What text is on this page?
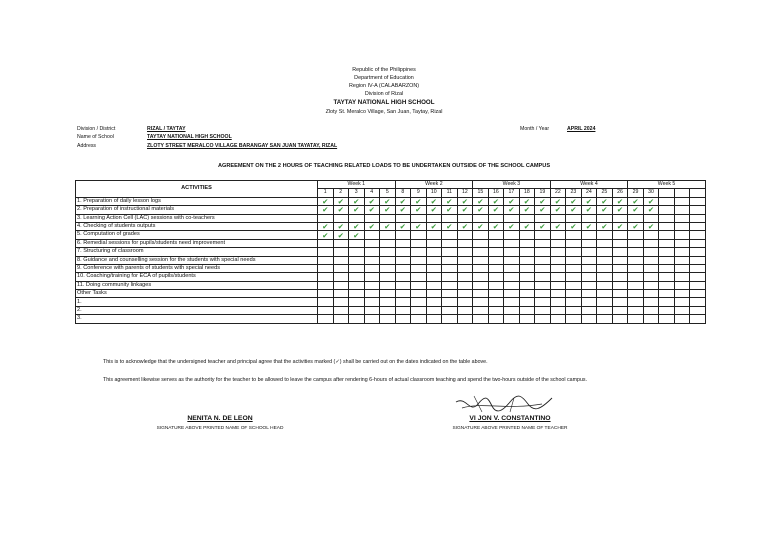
Republic of the Philippines
Department of Education
Region IV-A (CALABARZON)
Division of Rizal
TAYTAY NATIONAL HIGH SCHOOL
Zloty St. Meralco Village, San Juan, Taytay, Rizal
Division / District	RIZAL / TAYTAY
Name of School	TAYTAY NATIONAL HIGH SCHOOL
Address	ZLOTY STREET MERALCO VILLAGE BARANGAY SAN JUAN TAYATAY, RIZAL
Month / Year	APRIL 2024
AGREEMENT ON THE 2 HOURS OF TEACHING RELATED LOADS TO BE UNDERTAKEN OUTSIDE OF THE SCHOOL CAMPUS
ACTIVITIES	Week 1					Week 2					Week 3					Week 4					Week 5				
	1	2	3	4	5	8	9	10	11	12	15	16	17	18	19	22	23	24	25	26	29	30			
1. Preparation of daily lesson logs	✔	✔	✔	✔	✔	✔	✔	✔	✔	✔	✔	✔	✔	✔	✔	✔	✔	✔	✔	✔	✔	✔			
2. Preparation of instructional materials	✔	✔	✔	✔	✔	✔	✔	✔	✔	✔	✔	✔	✔	✔	✔	✔	✔	✔	✔	✔	✔	✔			
3. Learning Action Cell (LAC) sessions with co-teachers																									
4. Checking of students outputs	✔	✔	✔	✔	✔	✔	✔	✔	✔	✔	✔	✔	✔	✔	✔	✔	✔	✔	✔	✔	✔	✔			
5. Computation of grades	✔	✔	✔																						
6. Remedial sessions for pupils/students need improvement																									
7. Structuring of classroom																									
8. Guidance and counselling session for the students with special needs																									
9. Conference with parents of students with special needs																									
10. Coaching/training for ECA of pupils/students																									
11. Doing community linkages																									
Other Tasks																									
1.																									
2.																									
3.																									
This is to acknowledge that the undersigned teacher and principal agree that the activities marked (✓) shall be carried out on the dates indicated on the table above.
This agreement likewise serves as the authority for the teacher to be allowed to leave the campus after rendering 6-hours of actual classroom teaching and spend the two-hours outside of the school campus.
NENITA N. DE LEON
SIGNATURE ABOVE PRINTED NAME OF SCHOOL HEAD
VI JON V. CONSTANTINO
SIGNATURE ABOVE PRINTED NAME OF TEACHER
